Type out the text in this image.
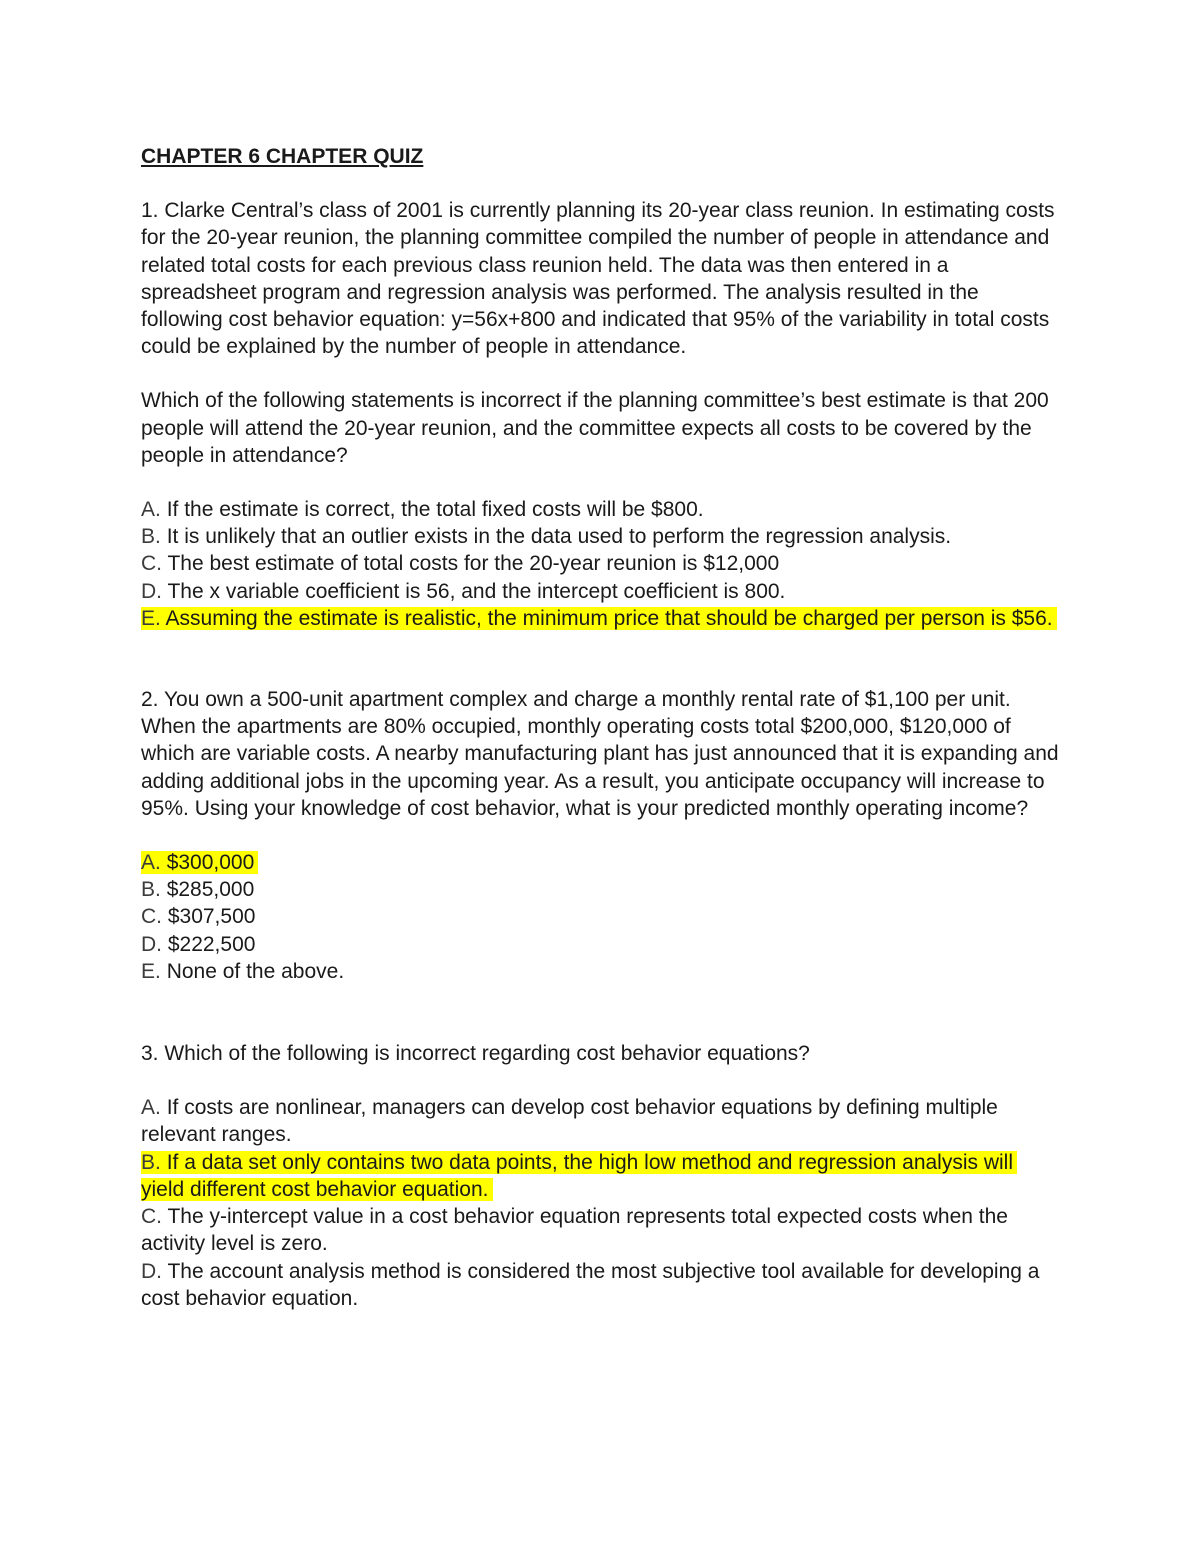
CHAPTER 6 CHAPTER QUIZ

1. Clarke Central’s class of 2001 is currently planning its 20-year class reunion. In estimating costs for the 20-year reunion, the planning committee compiled the number of people in attendance and related total costs for each previous class reunion held. The data was then entered in a spreadsheet program and regression analysis was performed. The analysis resulted in the following cost behavior equation: y=56x+800 and indicated that 95% of the variability in total costs could be explained by the number of people in attendance.

Which of the following statements is incorrect if the planning committee’s best estimate is that 200 people will attend the 20-year reunion, and the committee expects all costs to be covered by the people in attendance?

A. If the estimate is correct, the total fixed costs will be $800.

B. It is unlikely that an outlier exists in the data used to perform the regression analysis.

C. The best estimate of total costs for the 20-year reunion is $12,000

D. The x variable coefficient is 56, and the intercept coefficient is 800.

E. Assuming the estimate is realistic, the minimum price that should be charged per person is $56.

2. You own a 500-unit apartment complex and charge a monthly rental rate of $1,100 per unit. When the apartments are 80% occupied, monthly operating costs total $200,000, $120,000 of which are variable costs. A nearby manufacturing plant has just announced that it is expanding and adding additional jobs in the upcoming year. As a result, you anticipate occupancy will increase to 95%. Using your knowledge of cost behavior, what is your predicted monthly operating income?

A. $300,000

B. $285,000

C. $307,500

D. $222,500

E. None of the above.

3. Which of the following is incorrect regarding cost behavior equations?

A. If costs are nonlinear, managers can develop cost behavior equations by defining multiple relevant ranges.

B. If a data set only contains two data points, the high low method and regression analysis will yield different cost behavior equation.

C. The y-intercept value in a cost behavior equation represents total expected costs when the activity level is zero.

D. The account analysis method is considered the most subjective tool available for developing a cost behavior equation.
